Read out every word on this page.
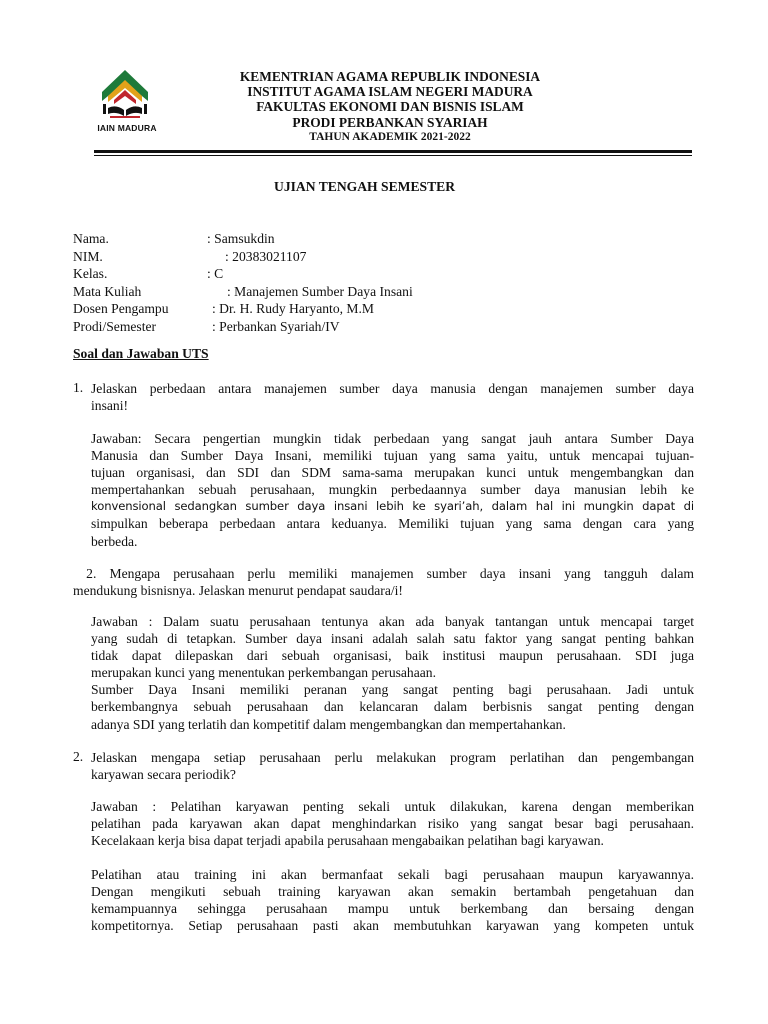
IAIN MADURA
KEMENTRIAN AGAMA REPUBLIK INDONESIA
INSTITUT AGAMA ISLAM NEGERI MADURA
FAKULTAS EKONOMI DAN BISNIS ISLAM
PRODI PERBANKAN SYARIAH
TAHUN AKADEMIK 2021-2022
UJIAN TENGAH SEMESTER
Nama.	: Samsukdin
NIM.	: 20383021107
Kelas.	: C
Mata Kuliah	: Manajemen Sumber Daya Insani
Dosen Pengampu	: Dr. H. Rudy Haryanto, M.M
Prodi/Semester	: Perbankan Syariah/IV
Soal dan Jawaban UTS
1. Jelaskan perbedaan antara manajemen sumber daya manusia dengan manajemen sumber daya
insani!
Jawaban: Secara pengertian mungkin tidak perbedaan yang sangat jauh antara Sumber Daya
Manusia dan Sumber Daya Insani, memiliki tujuan yang sama yaitu, untuk mencapai tujuan-
tujuan organisasi, dan SDI dan SDM sama-sama merupakan kunci untuk mengembangkan dan
mempertahankan sebuah perusahaan, mungkin perbedaannya sumber daya manusian lebih ke
konvensional sedangkan sumber daya insani lebih ke syari’ah, dalam hal ini mungkin dapat di
simpulkan beberapa perbedaan antara keduanya. Memiliki tujuan yang sama dengan cara yang
berbeda.
2. Mengapa perusahaan perlu memiliki manajemen sumber daya insani yang tangguh dalam
mendukung bisnisnya. Jelaskan menurut pendapat saudara/i!
Jawaban : Dalam suatu perusahaan tentunya akan ada banyak tantangan untuk mencapai target
yang sudah di tetapkan. Sumber daya insani adalah salah satu faktor yang sangat penting bahkan
tidak dapat dilepaskan dari sebuah organisasi, baik institusi maupun perusahaan. SDI juga
merupakan kunci yang menentukan perkembangan perusahaan.
Sumber Daya Insani memiliki peranan yang sangat penting bagi perusahaan. Jadi untuk
berkembangnya sebuah perusahaan dan kelancaran dalam berbisnis sangat penting dengan
adanya SDI yang terlatih dan kompetitif dalam mengembangkan dan mempertahankan.
2. Jelaskan mengapa setiap perusahaan perlu melakukan program perlatihan dan pengembangan
karyawan secara periodik?
Jawaban : Pelatihan karyawan penting sekali untuk dilakukan, karena dengan memberikan
pelatihan pada karyawan akan dapat menghindarkan risiko yang sangat besar bagi perusahaan.
Kecelakaan kerja bisa dapat terjadi apabila perusahaan mengabaikan pelatihan bagi karyawan.
Pelatihan atau training ini akan bermanfaat sekali bagi perusahaan maupun karyawannya.
Dengan mengikuti sebuah training karyawan akan semakin bertambah pengetahuan dan
kemampuannya sehingga perusahaan mampu untuk berkembang dan bersaing dengan
kompetitornya. Setiap perusahaan pasti akan membutuhkan karyawan yang kompeten untuk
